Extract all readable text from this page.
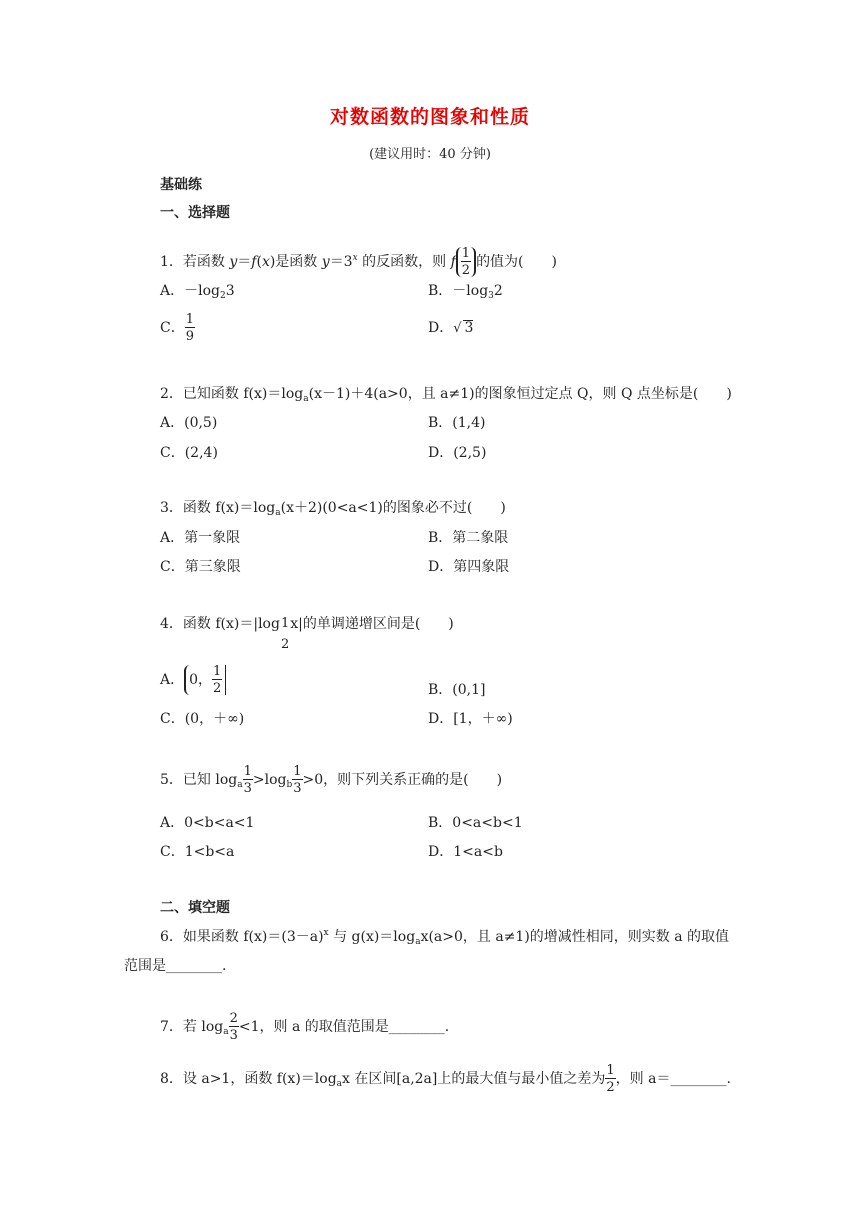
对数函数的图象和性质
(建议用时：40 分钟)
基础练
一、选择题
1．若函数 y＝f(x)是函数 $y=3^x$ 的反函数，则 f $\frac{1}{2}$ 的值为(　　)
A．$-\log_23$	B．$-\log_32$
C． $\frac{1}{9}$	D．√ 3
2．已知函数 $f(x)=\log_a(x-1)+4(a>0$，且 a≠1)的图象恒过定点 Q，则 Q 点坐标是(　　)
A．(0,5)	B．(1,4)
C．(2,4)	D．(2,5)
3．函数 $f(x)=\log_a(x+2)(0<a<1)$的图象必不过(　　)
A．第一象限	B．第二象限
C．第三象限	D．第四象限
4．函数 f(x)＝|log 1
2
x|的单调递增区间是(　　)
A． 0， $\frac{1}{2}$	B．(0,1]
C．(0，＋∞)	D．[1，＋∞)
5．已知 $\log_a \frac{1}{3} >\log_b \frac{1}{3} >0$，则下列关系正确的是(　　)
A．0<b<a<1	B．0<a<b<1
C．1<b<a	D．1<a<b
二、填空题
6．如果函数 $f(x)=(3-a)^x$ 与 $g(x)=\log_ax(a>0$，且 a≠1)的增减性相同，则实数 a 的取值
范围是________.
7．若 $\log_a \frac{2}{3} <1$，则 a 的取值范围是________.
8．设 a>1，函数 $f(x)=\log_ax$ 在区间[a,2a]上的最大值与最小值之差为 $\frac{1}{2}$ ，则 a＝________.
